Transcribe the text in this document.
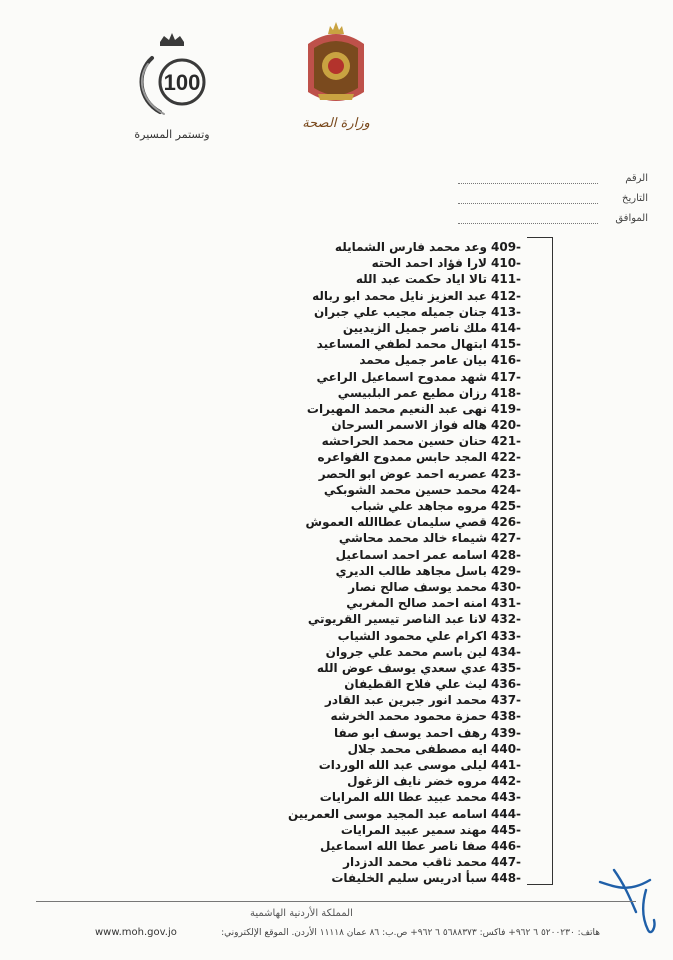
100
وتستمر المسيرة
وزارة الصحة
الرقم
التاريخ
الموافق
409-
وعد محمد فارس الشمايله
410-
لارا فؤاد احمد الحته
411-
تالا اياد حكمت عبد الله
412-
عبد العزيز نايل محمد ابو رباله
413-
جنان جميله مجيب علي جبران
414-
ملك ناصر جميل الزيديين
415-
ابتهال محمد لطفي المساعيد
416-
بيان عامر جميل محمد
417-
شهد ممدوح اسماعيل الراعي
418-
رزان مطيع عمر البلبيسي
419-
نهى عبد النعيم محمد المهيرات
420-
هاله فواز الاسمر السرحان
421-
حنان حسين محمد الحراحشه
422-
المجد حابس ممدوح الفواعره
423-
عصريه احمد عوض ابو الحصر
424-
محمد حسين محمد الشوبكي
425-
مروه مجاهد علي شباب
426-
قصي سليمان عطاالله العموش
427-
شيماء خالد محمد محاشي
428-
اسامه عمر احمد اسماعيل
429-
باسل مجاهد طالب الديري
430-
محمد يوسف صالح نصار
431-
امنه احمد صالح المغربي
432-
لانا عبد الناصر تيسير القريوتي
433-
اكرام علي محمود الشياب
434-
لين باسم محمد علي جروان
435-
عدي سعدي يوسف عوض الله
436-
ليث علي فلاح القطيفان
437-
محمد انور جبرين عبد القادر
438-
حمزة محمود محمد الخرشه
439-
رهف احمد يوسف ابو صفا
440-
ايه مصطفى محمد جلال
441-
ليلى موسى عبد الله الوردات
442-
مروه خضر نايف الزغول
443-
محمد عبيد عطا الله المرايات
444-
اسامه عبد المجيد موسى العمريين
445-
مهند سمير عبيد المرايات
446-
صفا ناصر عطا الله اسماعيل
447-
محمد ثاقب محمد الدزدار
448-
سبأ ادريس سليم الخليفات
المملكة الأردنية الهاشمية
هاتف: ٥٢٠٠٢٣٠ ٦ ٩٦٢+ فاكس: ٥٦٨٨٣٧٣ ٦ ٩٦٢+ ص.ب: ٨٦ عمان ١١١١٨ الأردن. الموقع الإلكتروني:
www.moh.gov.jo
